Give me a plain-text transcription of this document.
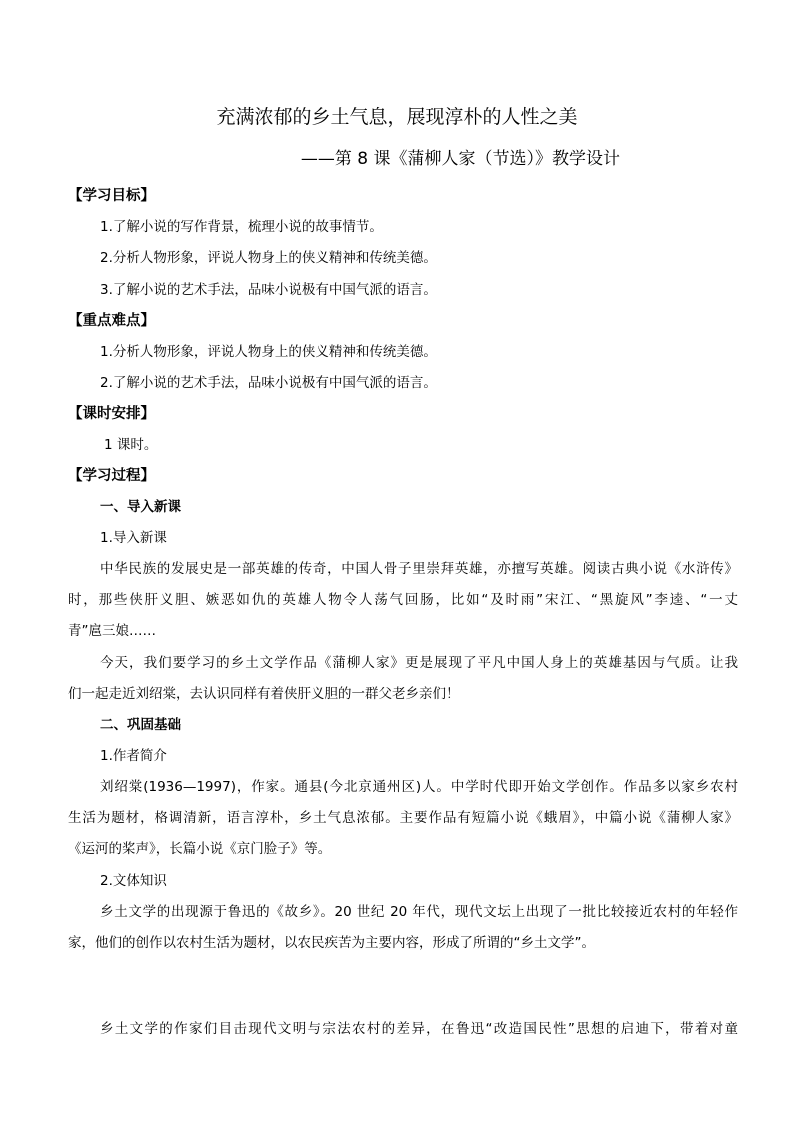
充满浓郁的乡土气息，展现淳朴的人性之美
——第 8 课《蒲柳人家（节选）》教学设计
【学习目标】
1.了解小说的写作背景，梳理小说的故事情节。
2.分析人物形象，评说人物身上的侠义精神和传统美德。
3.了解小说的艺术手法，品味小说极有中国气派的语言。
【重点难点】
1.分析人物形象，评说人物身上的侠义精神和传统美德。
2.了解小说的艺术手法，品味小说极有中国气派的语言。
【课时安排】
1 课时。
【学习过程】
一、导入新课
1.导入新课
中华民族的发展史是一部英雄的传奇，中国人骨子里崇拜英雄，亦擅写英雄。阅读古典小说《水浒传》
时，那些侠肝义胆、嫉恶如仇的英雄人物令人荡气回肠，比如“及时雨”宋江、“黑旋风”李逵、“一丈
青”扈三娘……
今天，我们要学习的乡土文学作品《蒲柳人家》更是展现了平凡中国人身上的英雄基因与气质。让我
们一起走近刘绍棠，去认识同样有着侠肝义胆的一群父老乡亲们！
二、巩固基础
1.作者简介
刘绍棠(1936—1997)，作家。通县(今北京通州区)人。中学时代即开始文学创作。作品多以家乡农村
生活为题材，格调清新，语言淳朴，乡土气息浓郁。主要作品有短篇小说《蛾眉》，中篇小说《蒲柳人家》
《运河的桨声》，长篇小说《京门脸子》等。
2.文体知识
乡土文学的出现源于鲁迅的《故乡》。20 世纪 20 年代，现代文坛上出现了一批比较接近农村的年轻作
家，他们的创作以农村生活为题材，以农民疾苦为主要内容，形成了所谓的“乡土文学”。
乡土文学的作家们目击现代文明与宗法农村的差异，在鲁迅“改造国民性”思想的启迪下，带着对童
